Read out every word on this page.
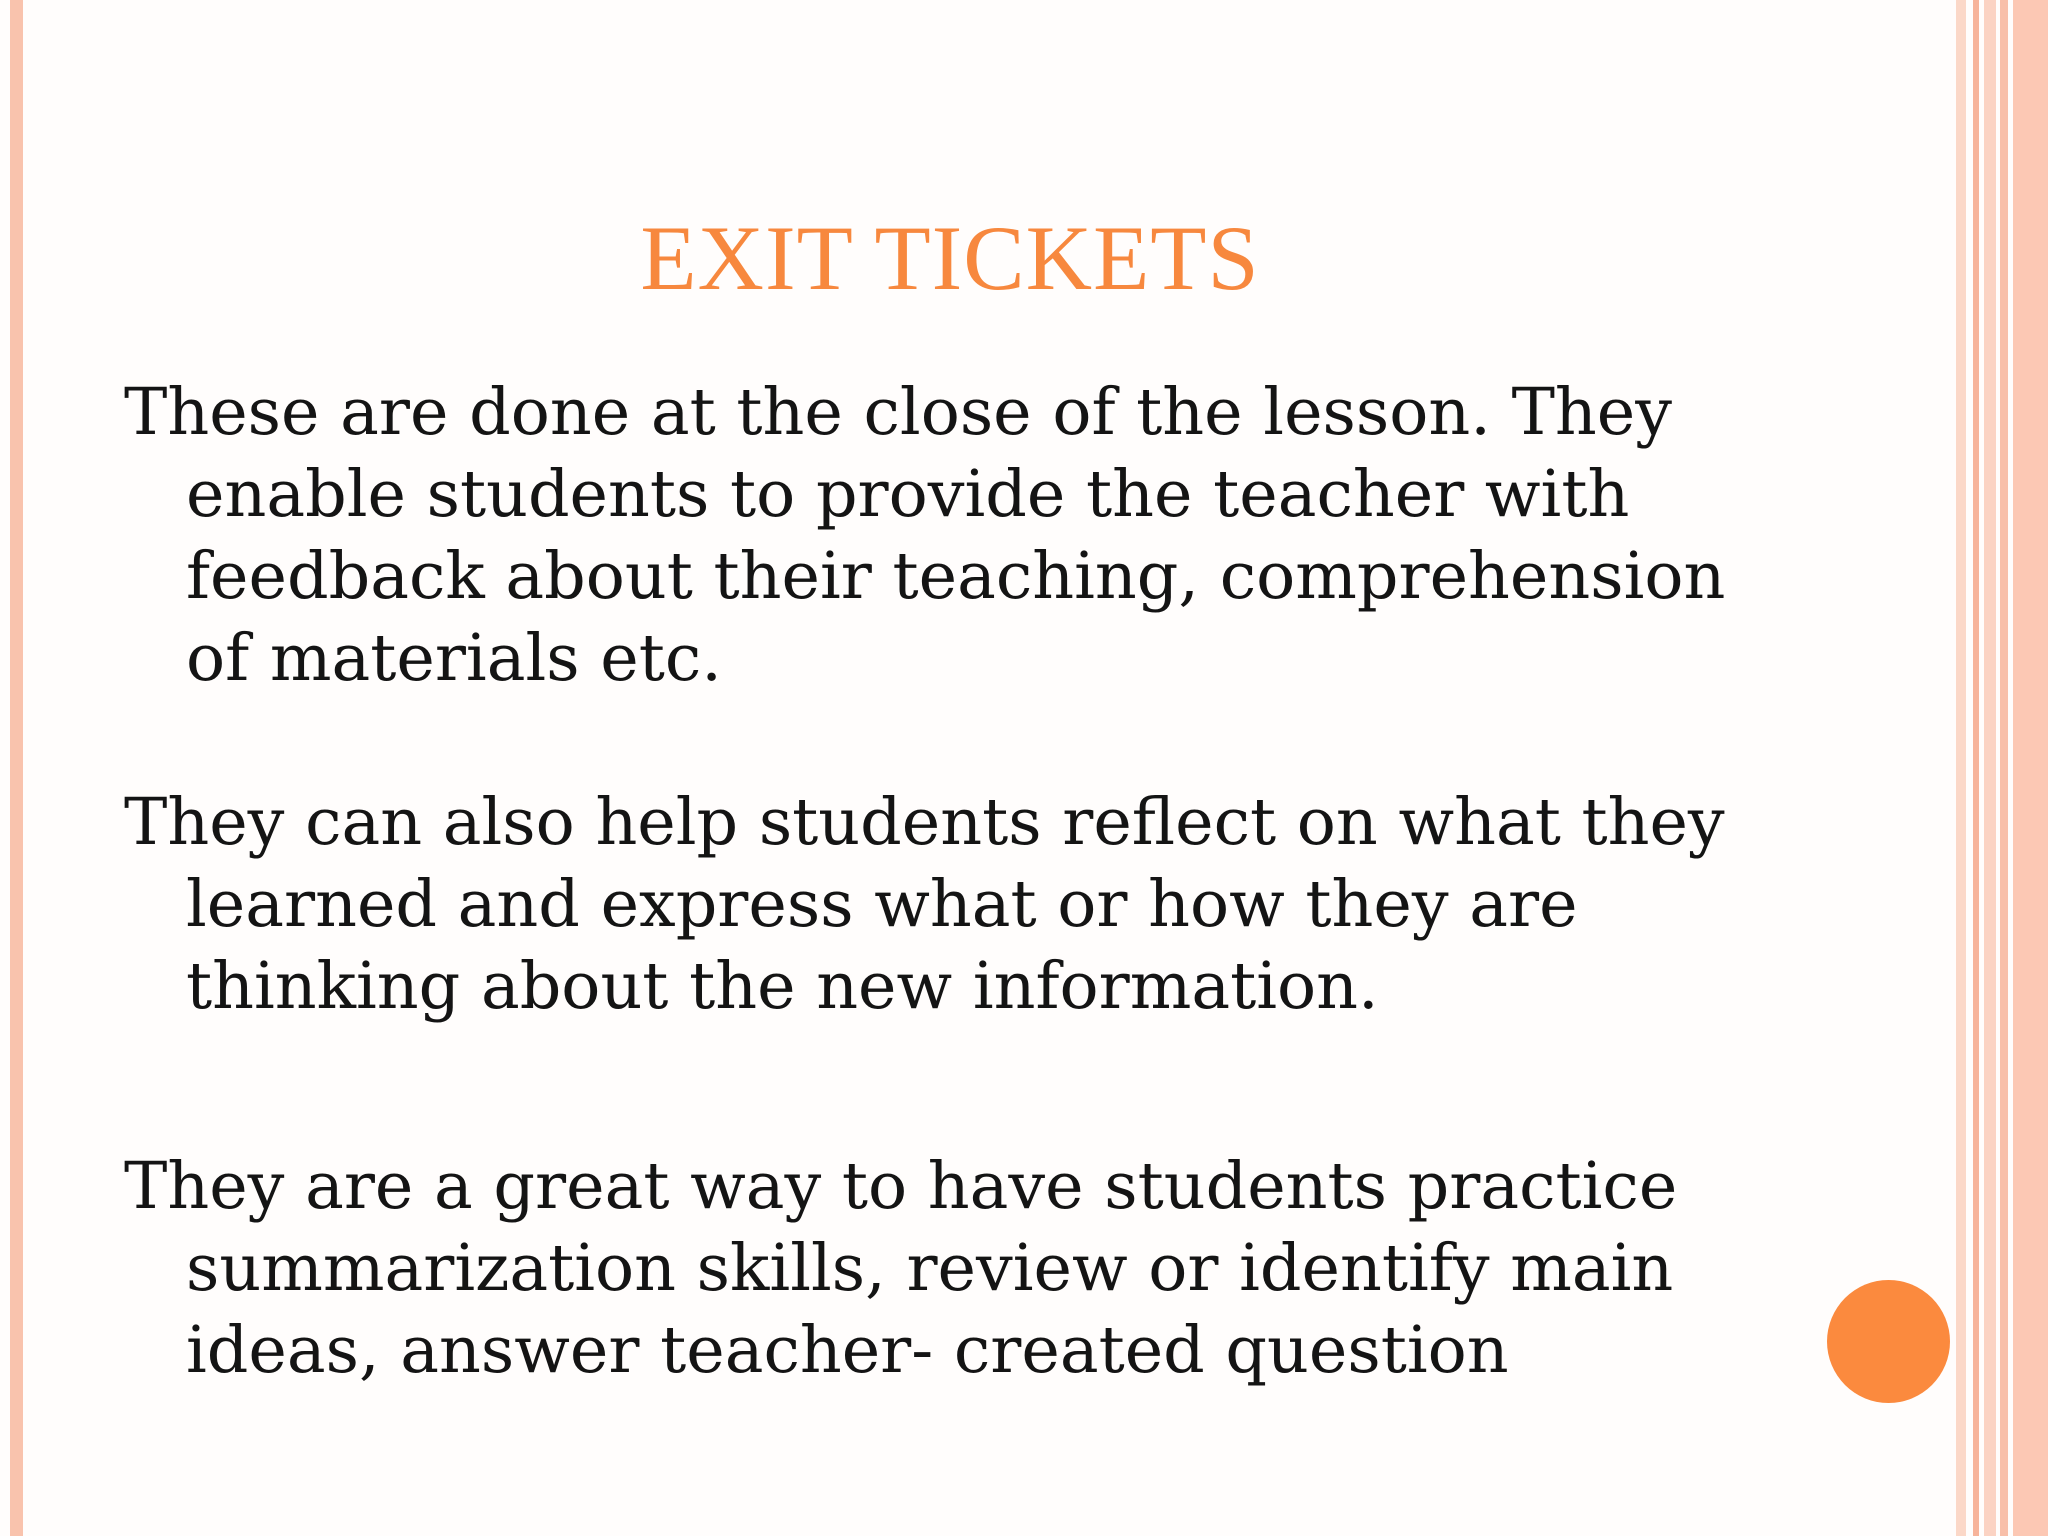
EXIT TICKETS

These are done at the close of the lesson. They enable students to provide the teacher with feedback about their teaching, comprehension of materials etc.

They can also help students reflect on what they learned and express what or how they are thinking about the new information.

They are a great way to have students practice summarization skills, review or identify main ideas, answer teacher- created question
